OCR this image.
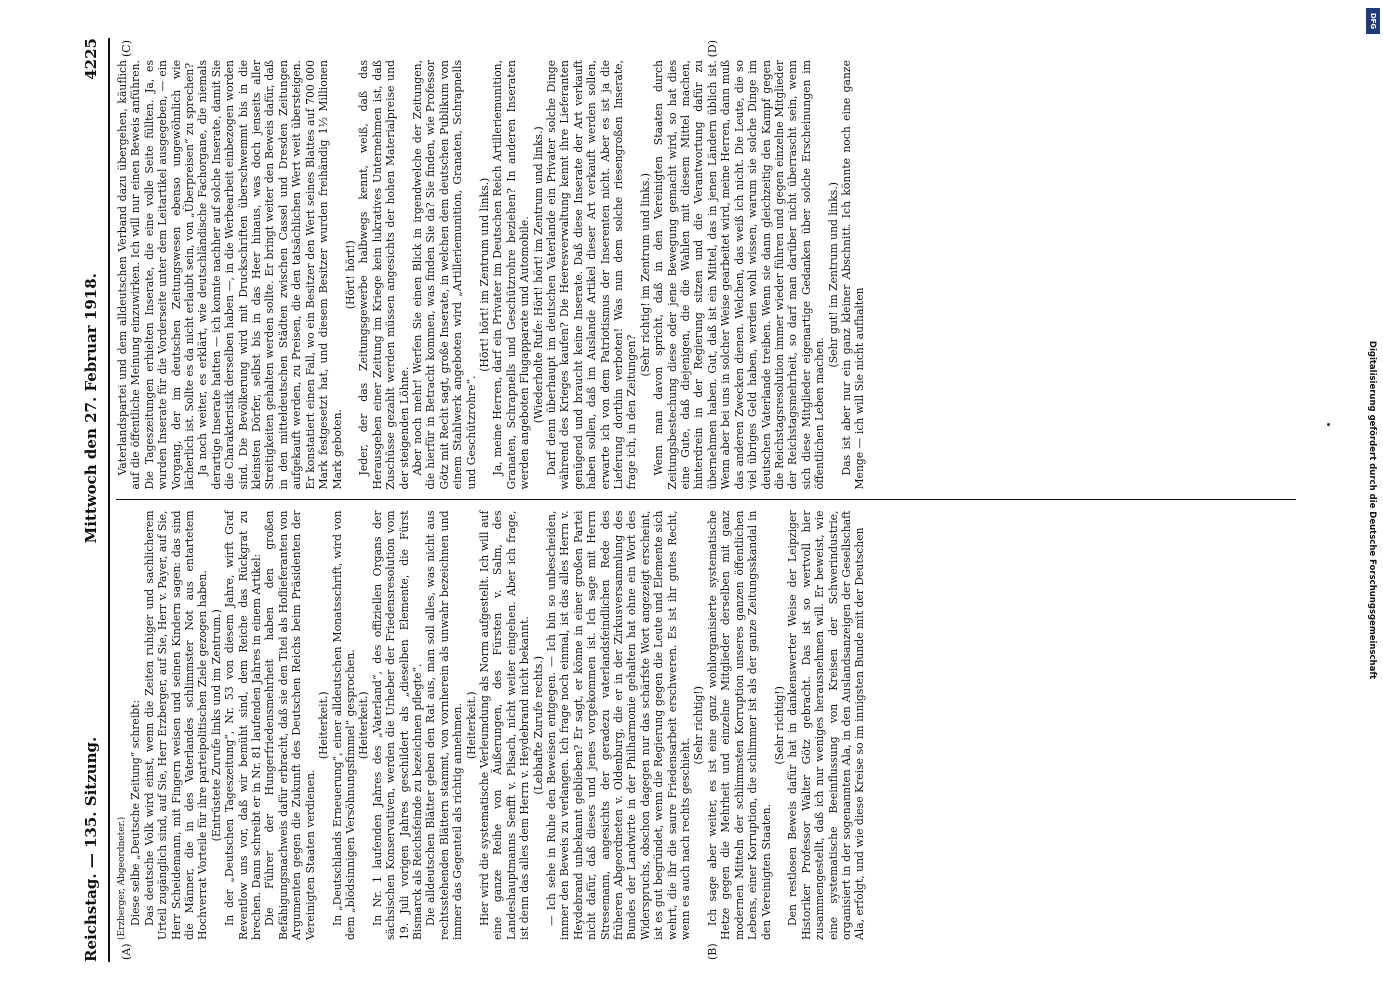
Reichstag. — 135. Sitzung.
Mittwoch den 27. Februar 1918.
4225
(A)	(B)

(Erzberger, Abgeordneter.) Diese selbe „Deutsche Zeitung“ schreibt: Das deutsche Volk wird einst, wenn die Zeiten ruhiger und sachlicherem Urteil zugänglich sind, auf Sie, Herr Erzberger, auf Sie, Herr v. Payer, auf Sie, Herr Scheidemann, mit Fingern weisen und seinen Kindern sagen: das sind die Männer, die in des Vaterlandes schlimmster Not aus entartetem Hochverrat Vorteile für ihre parteipolitischen Ziele gezogen haben. (Entrüstete Zurufe links und im Zentrum.) In der „Deutschen Tageszeitung“, Nr. 53 von diesem Jahre, wirft Graf Reventlow uns vor, daß wir bemüht sind, dem Reiche das Rückgrat zu brechen. Dann schreibt er in Nr. 81 laufenden Jahres in einem Artikel: Die Führer der Hungerfriedensmehrheit haben den großen Befähigungsnachweis dafür erbracht, daß sie den Titel als Hoflieferanten von Argumenten gegen die Zukunft des Deutschen Reichs beim Präsidenten der Vereinigten Staaten verdienen.

(Heiterkeit.) In „Deutschlands Erneuerung“, einer alldeutschen Monatsschrift, wird von dem „blödsinnigen Versöhnungsfimmel“ gesprochen. (Heiterkeit.) In Nr. 1 laufenden Jahres des „Vaterland“, des offiziellen Organs der sächsischen Konservativen, werden die Urheber der Friedensresolution vom 19. Juli vorigen Jahres geschildert als „dieselben Elemente, die Fürst Bismarck als Reichsfeinde zu bezeichnen pflegte“. Die alldeutschen Blätter geben den Rat aus, man soll alles, was nicht aus rechtsstehenden Blättern stammt, von vornherein als unwahr bezeichnen und immer das Gegenteil als richtig annehmen. (Heiterkeit.) Hier wird die systematische Verleumdung als Norm aufgestellt. Ich will auf eine ganze Reihe von Äußerungen, des Fürsten v. Salm, des Landeshauptmanns Senfft v. Pilsach, nicht weiter eingehen. Aber ich frage, ist denn das alles dem Herrn v. Heydebrand nicht bekannt. (Lebhafte Zurufe rechts.) — Ich sehe in Ruhe den Beweisen entgegen. — Ich bin so unbescheiden, immer den Beweis zu verlangen. Ich frage noch einmal, ist das alles Herrn v. Heydebrand unbekannt geblieben? Er sagt, er könne in einer großen Partei nicht dafür, daß dieses und jenes vorgekommen ist. Ich sage mit Herrn Stresemann, angesichts der geradezu vaterlandsfeindlichen Rede des früheren Abgeordneten v. Oldenburg, die er in der Zirkusversammlung des Bundes der Landwirte in der Philharmonie gehalten hat ohne ein Wort des Widerspruchs, obschon dagegen nur das schärfste Wort angezeigt erscheint, ist es gut begründet, wenn die Regierung gegen die Leute und Elemente sich wehrt, die ihr die saure Friedensarbeit erschweren. Es ist ihr gutes Recht, wenn es auch nach rechts geschieht.

(Sehr richtig!) Ich sage aber weiter, es ist eine ganz wohlorganisierte systematische Hetze gegen die Mehrheit und einzelne Mitglieder derselben mit ganz modernen Mitteln der schlimmsten Korruption unseres ganzen öffentlichen Lebens, einer Korruption, die schlimmer ist als der ganze Zeitungsskandal in den Vereinigten Staaten.

(Sehr richtig!) Den restlosen Beweis dafür hat in dankenswerter Weise der Leipziger Historiker Professor Walter Götz gebracht. Das ist so wertvoll hier zusammengestellt, daß ich nur weniges herausnehmen will. Er beweist, wie eine systematische Beeinflussung von Kreisen der Schwerindustrie, organisiert in der sogenannten Ala, in den Auslandsanzeigen der Gesellschaft Ala, erfolgt, und wie diese Kreise so im innigsten Bunde mit der Deutschen

(C)	(D)

Vaterlandspartei und dem alldeutschen Verband dazu übergehen, käuflich auf die öffentliche Meinung einzuwirken. Ich will nur einen Beweis anführen. Die Tageszeitungen erhielten Inserate, die eine volle Seite füllten. Ja, es wurden Inserate für die Vorderseite unter dem Leitartikel ausgegeben, — ein Vorgang, der im deutschen Zeitungswesen ebenso ungewöhnlich wie lächerlich ist. Sollte es da nicht erlaubt sein, von „Überpreisen“ zu sprechen? Ja noch weiter, es erklärt, wie deutschländische Fachorgane, die niemals derartige Inserate hatten — ich konnte nachher auf solche Inserate, damit Sie die Charakteristik derselben haben —, in die Werbearbeit einbezogen worden sind. Die Bevölkerung wird mit Druckschriften überschwemmt bis in die kleinsten Dörfer, selbst bis in das Heer hinaus, was doch jenseits aller Streitigkeiten gehalten werden sollte. Er bringt weiter den Beweis dafür, daß in den mitteldeutschen Städten zwischen Cassel und Dresden Zeitungen aufgekauft werden, zu Preisen, die den tatsächlichen Wert weit übersteigen. Er konstatiert einen Fall, wo ein Besitzer den Wert seines Blattes auf 700 000 Mark festgesetzt hat, und diesem Besitzer wurden freihändig 1½ Millionen Mark geboten.

(Hört! hört!) Jeder, der das Zeitungsgewerbe halbwegs kennt, weiß, daß das Herausgeben einer Zeitung im Kriege kein lukratives Unternehmen ist, daß Zuschüsse gezahlt werden müssen angesichts der hohen Materialpreise und der steigenden Löhne. Aber noch mehr! Werfen Sie einen Blick in irgendwelche der Zeitungen, die hierfür in Betracht kommen, was finden Sie da? Sie finden, wie Professor Götz mit Recht sagt, große Inserate, in welchen dem deutschen Publikum von einem Stahlwerk angeboten wird „Artilleriemunition, Granaten, Schrapnells und Geschützrohre“.

(Hört! hört! im Zentrum und links.) Ja, meine Herren, darf ein Privater im Deutschen Reich Artilleriemunition, Granaten, Schrapnells und Geschützrohre beziehen? In anderen Inseraten werden angeboten Flugapparate und Automobile. (Wiederholte Rufe: Hört! hört! im Zentrum und links.) Darf denn überhaupt im deutschen Vaterlande ein Privater solche Dinge während des Krieges kaufen? Die Heeresverwaltung kennt ihre Lieferanten genügend und braucht keine Inserate. Daß diese Inserate der Art verkauft haben sollen, daß im Auslande Artikel dieser Art verkauft werden sollen, erwarte ich von dem Patriotismus der Inserenten nicht. Aber es ist ja die Lieferung dorthin verboten! Was nun dem solche riesengroßen Inserate, frage ich, in den Zeitungen?

(Sehr richtig! im Zentrum und links.) Wenn man davon spricht, daß in den Vereinigten Staaten durch Zeitungsbestechung diese oder jene Bewegung gemacht wird, so hat dies eine Gute, daß diejenigen, die die Wahlen mit diesem Mittel machen, hinterdrein in der Regierung sitzen und die Verantwortung dafür zu übernehmen haben. Gut, daß ist ein Mittel, das in jenen Ländern üblich ist. Wenn aber bei uns in solcher Weise gearbeitet wird, meine Herren, dann muß das anderen Zwecken dienen. Welchen, das weiß ich nicht. Die Leute, die so viel übriges Geld haben, werden wohl wissen, warum sie solche Dinge im deutschen Vaterlande treiben. Wenn sie dann gleichzeitig den Kampf gegen die Reichstagsresolution immer wieder führen und gegen einzelne Mitglieder der Reichstagsmehrheit, so darf man darüber nicht überrascht sein, wenn sich diese Mitglieder eigenartige Gedanken über solche Erscheinungen im öffentlichen Leben machen.

(Sehr gut! im Zentrum und links.) Das ist aber nur ein ganz kleiner Abschnitt. Ich könnte noch eine ganze Menge — ich will Sie nicht aufhalten

DFG
Digitalisierung gefördert durch die Deutsche Forschungsgemeinschaft
